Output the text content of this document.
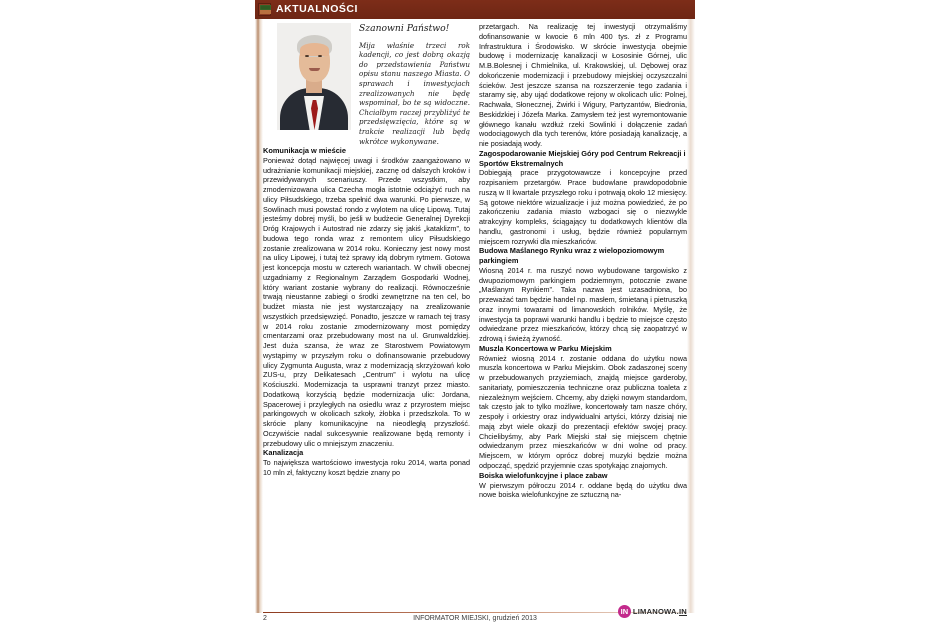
AKTUALNOŚCI
Szanowni Państwo!

Mija właśnie trzeci rok kadencji, co jest dobrą okazją do przedstawienia Państwu opisu stanu naszego Miasta. O sprawach i inwestycjach zrealizowanych nie będę wspominał, bo te są widoczne. Chciałbym raczej przybliżyć te przedsięwzięcia, które są w trakcie realizacji lub będą wkrótce wykonywane.

Komunikacja w mieście

Ponieważ dotąd najwięcej uwagi i środków zaangażowano w udrażnianie komunikacji miejskiej, zacznę od dalszych kroków i przewidywanych scenariuszy. Przede wszystkim, aby zmodernizowana ulica Czecha mogła istotnie odciążyć ruch na ulicy Piłsudskiego, trzeba spełnić dwa warunki. Po pierwsze, w Sowlinach musi powstać rondo z wylotem na ulicę Lipową. Tutaj jesteśmy dobrej myśli, bo jeśli w budżecie Generalnej Dyrekcji Dróg Krajowych i Autostrad nie zdarzy się jakiś „kataklizm”, to budowa tego ronda wraz z remontem ulicy Piłsudskiego zostanie zrealizowana w 2014 roku. Konieczny jest nowy most na ulicy Lipowej, i tutaj też sprawy idą dobrym rytmem. Gotowa jest koncepcja mostu w czterech wariantach. W chwili obecnej uzgadniamy z Regionalnym Zarządem Gospodarki Wodnej, który wariant zostanie wybrany do realizacji. Równocześnie trwają nieustanne zabiegi o środki zewnętrzne na ten cel, bo budżet miasta nie jest wystarczający na zrealizowanie wszystkich przedsięwzięć. Ponadto, jeszcze w ramach tej trasy w 2014 roku zostanie zmodernizowany most pomiędzy cmentarzami oraz przebudowany most na ul. Grunwaldzkiej. Jest duża szansa, że wraz ze Starostwem Powiatowym wystąpimy w przyszłym roku o dofinansowanie przebudowy ulicy Zygmunta Augusta, wraz z modernizacją skrzyżowań koło ZUS-u, przy Delikatesach „Centrum” i wylotu na ulicę Kościuszki. Modernizacja ta usprawni tranzyt przez miasto. Dodatkową korzyścią będzie modernizacja ulic: Jordana, Spacerowej i przyległych na osiedlu wraz z przyrostem miejsc parkingowych w okolicach szkoły, żłobka i przedszkola. To w skrócie plany komunikacyjne na nieodległą przyszłość. Oczywiście nadal sukcesywnie realizowane będą remonty i przebudowy ulic o mniejszym znaczeniu.

Kanalizacja

To największa wartościowo inwestycja roku 2014, warta ponad 10 mln zł, faktyczny koszt będzie znany po

przetargach. Na realizację tej inwestycji otrzymaliśmy dofinansowanie w kwocie 6 mln 400 tys. zł z Programu Infrastruktura i Środowisko. W skrócie inwestycja obejmie budowę i modernizację kanalizacji w Łososinie Górnej, ulic M.B.Bolesnej i Chmielnika, ul. Krakowskiej, ul. Dębowej oraz dokończenie modernizacji i przebudowy miejskiej oczyszczalni ścieków. Jest jeszcze szansa na rozszerzenie tego zadania i staramy się, aby ująć dodatkowe rejony w okolicach ulic: Polnej, Rachwała, Słonecznej, Żwirki i Wigury, Partyzantów, Biedronia, Beskidzkiej i Józefa Marka. Zamysłem też jest wyremontowanie głównego kanału wzdłuż rzeki Sowlinki i dołączenie zadań wodociągowych dla tych terenów, które posiadają kanalizację, a nie posiadają wody.

Zagospodarowanie Miejskiej Góry pod Centrum Rekreacji i Sportów Ekstremalnych

Dobiegają prace przygotowawcze i koncepcyjne przed rozpisaniem przetargów. Prace budowlane prawdopodobnie ruszą w II kwartale przyszłego roku i potrwają około 12 miesięcy. Są gotowe niektóre wizualizacje i już można powiedzieć, że po zakończeniu zadania miasto wzbogaci się o niezwykle atrakcyjny kompleks, ściągający tu dodatkowych klientów dla handlu, gastronomi i usług, będzie również popularnym miejscem rozrywki dla mieszkańców.

Budowa Maślanego Rynku wraz z wielopoziomowym parkingiem

Wiosną 2014 r. ma ruszyć nowo wybudowane targowisko z dwupoziomowym parkingiem podziemnym, potocznie zwane „Maślanym Rynkiem”. Taka nazwa jest uzasadniona, bo przeważać tam będzie handel np. masłem, śmietaną i pietruszką oraz innymi towarami od limanowskich rolników. Myślę, że inwestycja ta poprawi warunki handlu i będzie to miejsce często odwiedzane przez mieszkańców, którzy chcą się zaopatrzyć w zdrową i świeżą żywność.

Muszla Koncertowa w Parku Miejskim

Również wiosną 2014 r. zostanie oddana do użytku nowa muszla koncertowa w Parku Miejskim. Obok zadaszonej sceny w przebudowanych przyziemiach, znajdą miejsce garderoby, sanitariaty, pomieszczenia techniczne oraz publiczna toaleta z niezależnym wejściem. Chcemy, aby dzięki nowym standardom, tak często jak to tylko możliwe, koncertowały tam nasze chóry, zespoły i orkiestry oraz indywidualni artyści, którzy dzisiaj nie mają zbyt wiele okazji do prezentacji efektów swojej pracy. Chcielibyśmy, aby Park Miejski stał się miejscem chętnie odwiedzanym przez mieszkańców w dni wolne od pracy. Miejscem, w którym oprócz dobrej muzyki będzie można odpocząć, spędzić przyjemnie czas spotykając znajomych.

Boiska wielofunkcyjne i place zabaw

W pierwszym półroczu 2014 r. oddane będą do użytku dwa nowe boiska wielofunkcyjne ze sztuczną na-

2	INFORMATOR MIEJSKI, grudzień 2013
IN LIMANOWA.IN
